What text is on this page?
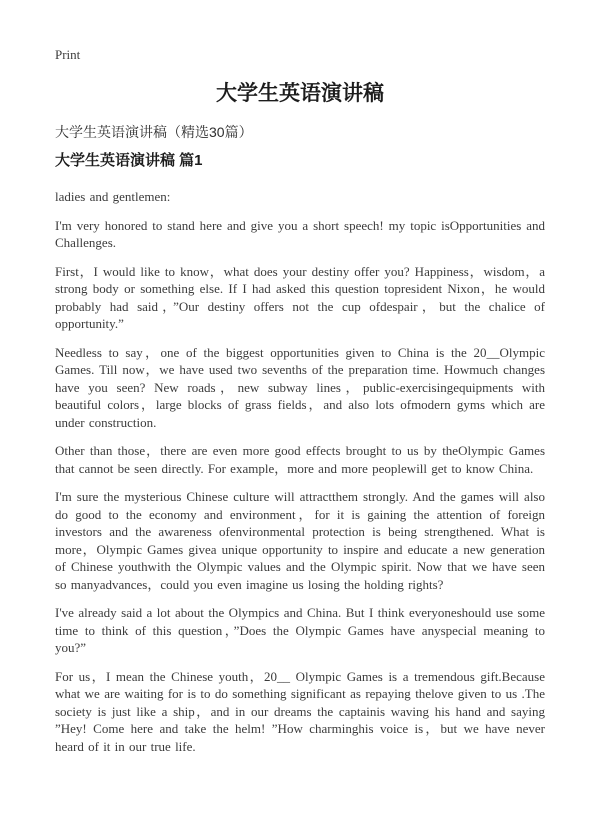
Print
大学生英语演讲稿
大学生英语演讲稿（精选30篇）
大学生英语演讲稿 篇1

ladies and gentlemen:

I'm very honored to stand here and give you a short speech! my topic isOpportunities and Challenges.

First，I would like to know，what does your destiny offer you? Happiness，wisdom，a strong body or something else. If I had asked this question topresident Nixon，he would probably had said，”Our destiny offers not the cup ofdespair，but the chalice of opportunity.”

Needless to say，one of the biggest opportunities given to China is the 20__Olympic Games. Till now，we have used two sevenths of the preparation time. Howmuch changes have you seen? New roads，new subway lines，public-exercisingequipments with beautiful colors，large blocks of grass fields，and also lots ofmodern gyms which are under construction.

Other than those，there are even more good effects brought to us by theOlympic Games that cannot be seen directly. For example，more and more peoplewill get to know China.

I'm sure the mysterious Chinese culture will attractthem strongly. And the games will also do good to the economy and environment，for it is gaining the attention of foreign investors and the awareness ofenvironmental protection is being strengthened. What is more，Olympic Games givea unique opportunity to inspire and educate a new generation of Chinese youthwith the Olympic values and the Olympic spirit. Now that we have seen so manyadvances，could you even imagine us losing the holding rights?

I've already said a lot about the Olympics and China. But I think everyoneshould use some time to think of this question，”Does the Olympic Games have anyspecial meaning to you?”

For us，I mean the Chinese youth，20__ Olympic Games is a tremendous gift.Because what we are waiting for is to do something significant as repaying thelove given to us .The society is just like a ship，and in our dreams the captainis waving his hand and saying ”Hey! Come here and take the helm! ”How charminghis voice is，but we have never heard of it in our true life.
